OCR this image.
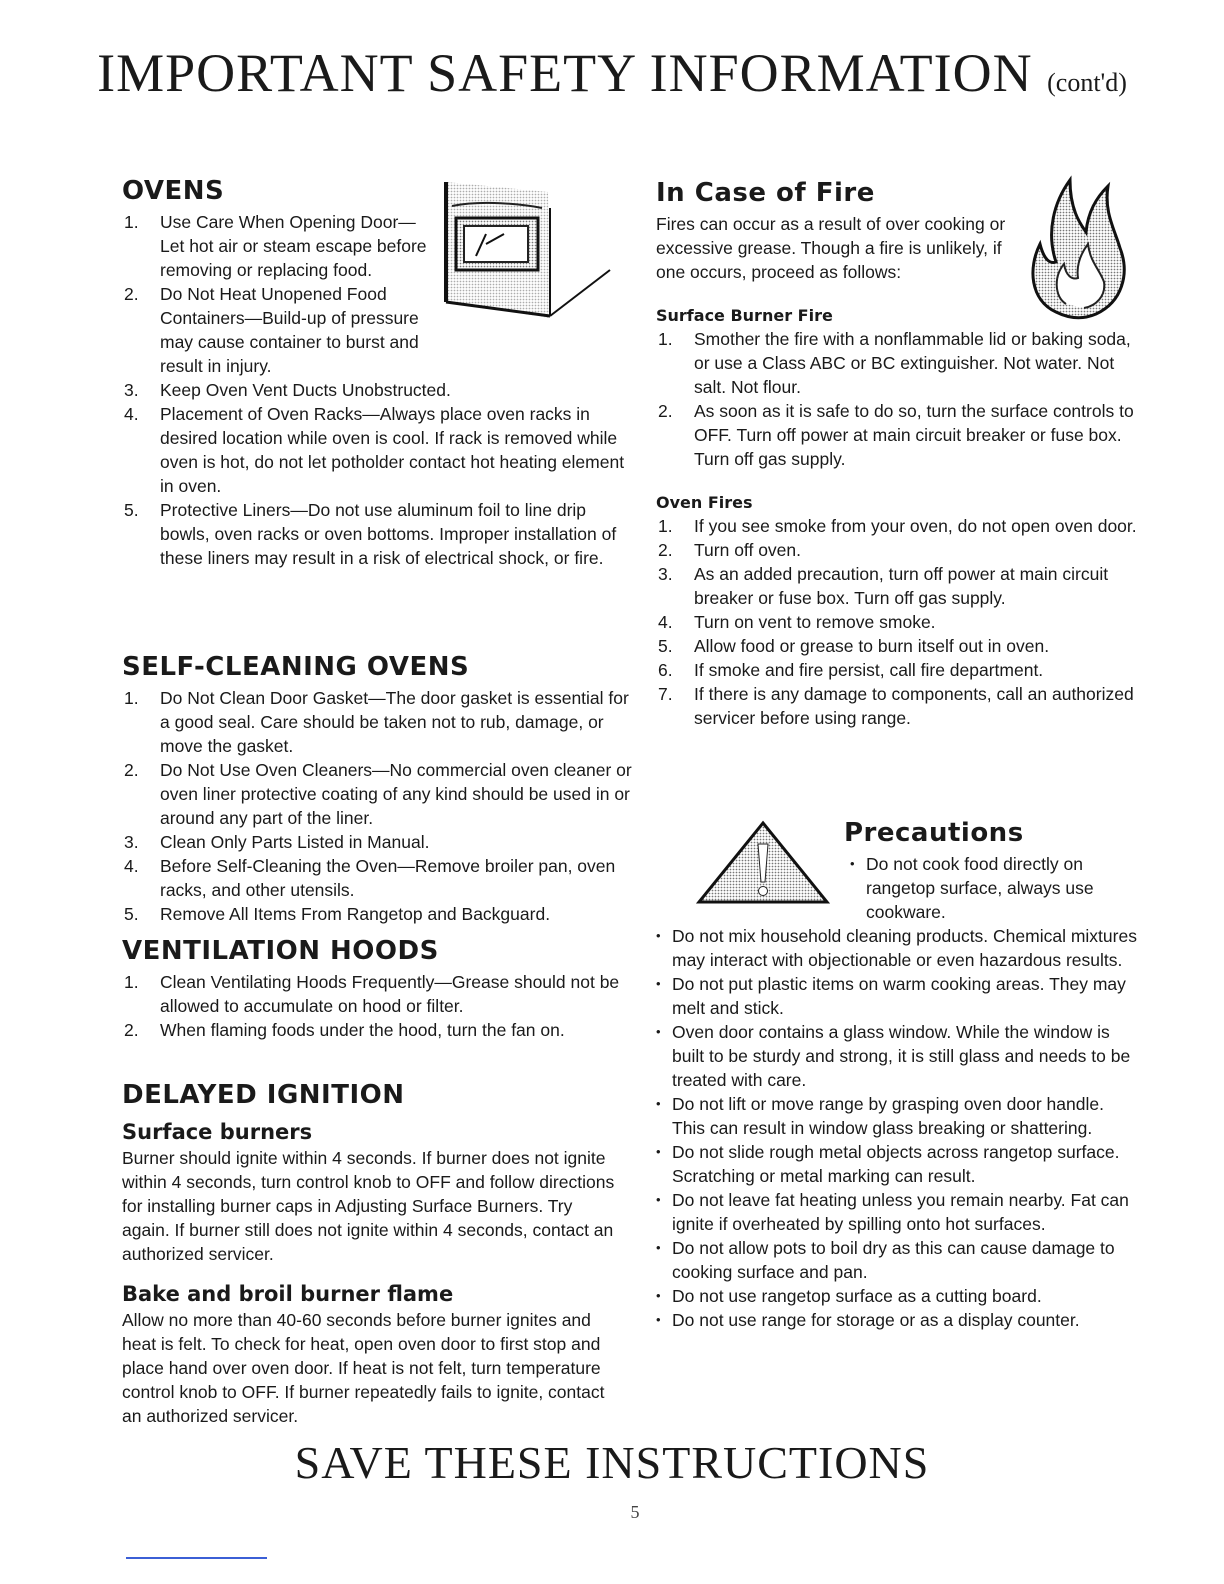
IMPORTANT SAFETY INFORMATION (cont'd)
OVENS
1. Use Care When Opening Door—Let hot air or steam escape before removing or replacing food.
2. Do Not Heat Unopened Food Containers—Build-up of pressure may cause container to burst and result in injury.
3. Keep Oven Vent Ducts Unobstructed.
4. Placement of Oven Racks—Always place oven racks in desired location while oven is cool. If rack is removed while oven is hot, do not let potholder contact hot heating element in oven.
5. Protective Liners—Do not use aluminum foil to line drip bowls, oven racks or oven bottoms. Improper installation of these liners may result in a risk of electrical shock, or fire.
SELF-CLEANING OVENS
1. Do Not Clean Door Gasket—The door gasket is essential for a good seal. Care should be taken not to rub, damage, or move the gasket.
2. Do Not Use Oven Cleaners—No commercial oven cleaner or oven liner protective coating of any kind should be used in or around any part of the liner.
3. Clean Only Parts Listed in Manual.
4. Before Self-Cleaning the Oven—Remove broiler pan, oven racks, and other utensils.
5. Remove All Items From Rangetop and Backguard.
VENTILATION HOODS
1. Clean Ventilating Hoods Frequently—Grease should not be allowed to accumulate on hood or filter.
2. When flaming foods under the hood, turn the fan on.
DELAYED IGNITION
Surface burners
Burner should ignite within 4 seconds. If burner does not ignite within 4 seconds, turn control knob to OFF and follow directions for installing burner caps in Adjusting Surface Burners. Try again. If burner still does not ignite within 4 seconds, contact an authorized servicer.
Bake and broil burner flame
Allow no more than 40-60 seconds before burner ignites and heat is felt. To check for heat, open oven door to first stop and place hand over oven door. If heat is not felt, turn temperature control knob to OFF. If burner repeatedly fails to ignite, contact an authorized servicer.
In Case of Fire
Fires can occur as a result of over cooking or excessive grease. Though a fire is unlikely, if one occurs, proceed as follows:
Surface Burner Fire
1. Smother the fire with a nonflammable lid or baking soda, or use a Class ABC or BC extinguisher. Not water. Not salt. Not flour.
2. As soon as it is safe to do so, turn the surface controls to OFF. Turn off power at main circuit breaker or fuse box. Turn off gas supply.
Oven Fires
1. If you see smoke from your oven, do not open oven door.
2. Turn off oven.
3. As an added precaution, turn off power at main circuit breaker or fuse box. Turn off gas supply.
4. Turn on vent to remove smoke.
5. Allow food or grease to burn itself out in oven.
6. If smoke and fire persist, call fire department.
7. If there is any damage to components, call an authorized servicer before using range.
Precautions
• Do not cook food directly on rangetop surface, always use cookware.
• Do not mix household cleaning products. Chemical mixtures may interact with objectionable or even hazardous results.
• Do not put plastic items on warm cooking areas. They may melt and stick.
• Oven door contains a glass window. While the window is built to be sturdy and strong, it is still glass and needs to be treated with care.
• Do not lift or move range by grasping oven door handle. This can result in window glass breaking or shattering.
• Do not slide rough metal objects across rangetop surface. Scratching or metal marking can result.
• Do not leave fat heating unless you remain nearby. Fat can ignite if overheated by spilling onto hot surfaces.
• Do not allow pots to boil dry as this can cause damage to cooking surface and pan.
• Do not use rangetop surface as a cutting board.
• Do not use range for storage or as a display counter.
SAVE THESE INSTRUCTIONS
5
